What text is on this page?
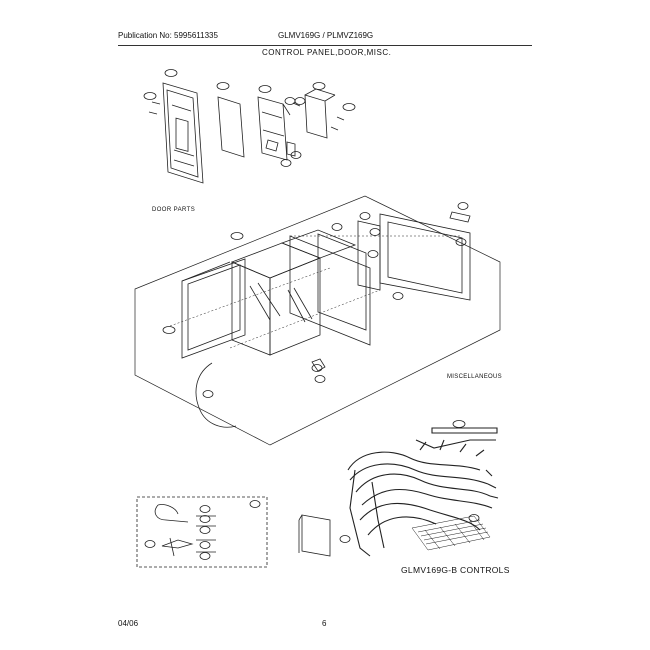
Publication No: 5995611335	GLMV169G / PLMVZ169G
CONTROL PANEL,DOOR,MISC.
DOOR PARTS
MISCELLANEOUS
GLMV169G-B CONTROLS
04/06	6
